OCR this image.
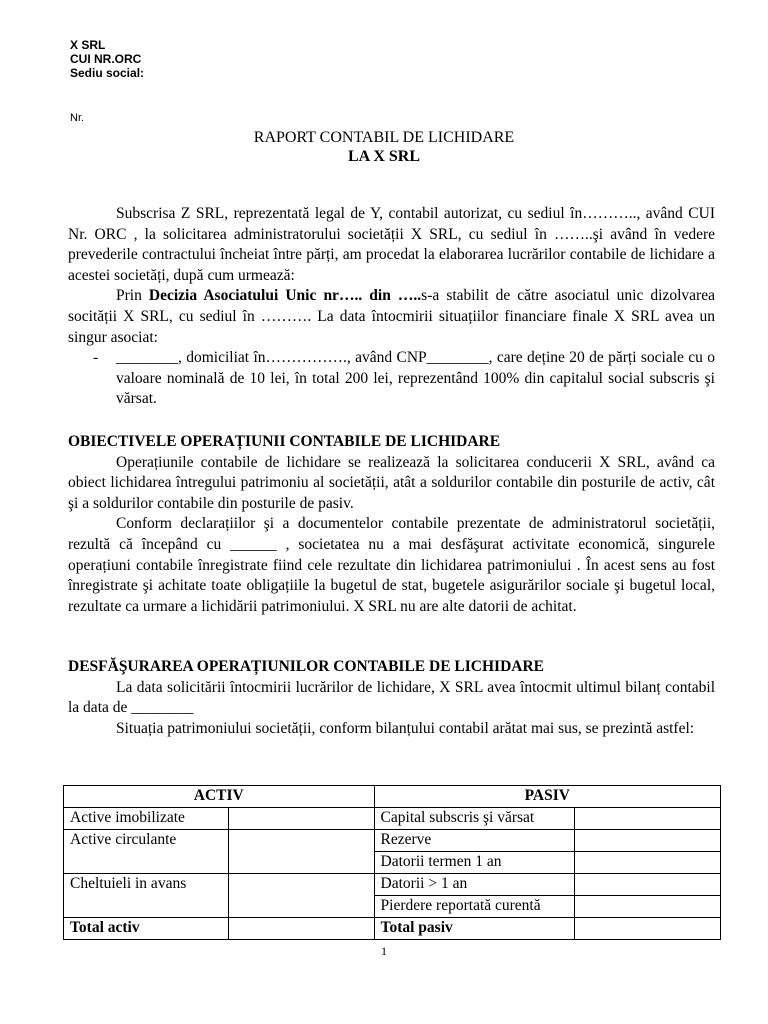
X SRL
CUI NR.ORC
Sediu social:
Nr.
RAPORT CONTABIL DE LICHIDARE
LA X SRL

Subscrisa Z SRL, reprezentată legal de Y, contabil autorizat, cu sediul în……….., având CUI Nr. ORC , la solicitarea administratorului societății X SRL, cu sediul în ……..şi având în vedere prevederile contractului încheiat între părți, am procedat la elaborarea lucrărilor contabile de lichidare a acestei societăți, după cum urmează:

Prin Decizia Asociatului Unic nr….. din …..s-a stabilit de către asociatul unic dizolvarea socității X SRL, cu sediul în ………. La data întocmirii situațiilor financiare finale X SRL avea un singur asociat:

- ________, domiciliat în……………., având CNP________, care deține 20 de părți sociale cu o valoare nominală de 10 lei, în total 200 lei, reprezentând 100% din capitalul social subscris şi vărsat.

OBIECTIVELE OPERAȚIUNII CONTABILE DE LICHIDARE

Operațiunile contabile de lichidare se realizează la solicitarea conducerii X SRL, având ca obiect lichidarea întregului patrimoniu al societății, atât a soldurilor contabile din posturile de activ, cât şi a soldurilor contabile din posturile de pasiv.

Conform declarațiilor şi a documentelor contabile prezentate de administratorul societății, rezultă că începând cu ______ , societatea nu a mai desfăşurat activitate economică, singurele operațiuni contabile înregistrate fiind cele rezultate din lichidarea patrimoniului . În acest sens au fost înregistrate şi achitate toate obligațiile la bugetul de stat, bugetele asigurărilor sociale şi bugetul local, rezultate ca urmare a lichidării patrimoniului. X SRL nu are alte datorii de achitat.

DESFĂŞURAREA OPERAȚIUNILOR CONTABILE DE LICHIDARE

La data solicitării întocmirii lucrărilor de lichidare, X SRL avea întocmit ultimul bilanț contabil la data de ________

Situația patrimoniului societății, conform bilanțului contabil arătat mai sus, se prezintă astfel:

ACTIV		PASIV	
Active imobilizate		Capital subscris şi vărsat	
Active circulante		Rezerve	
		Datorii termen 1 an	
Cheltuieli in avans		Datorii > 1 an	
		Pierdere reportată curentă	
Total activ		Total pasiv	
1
